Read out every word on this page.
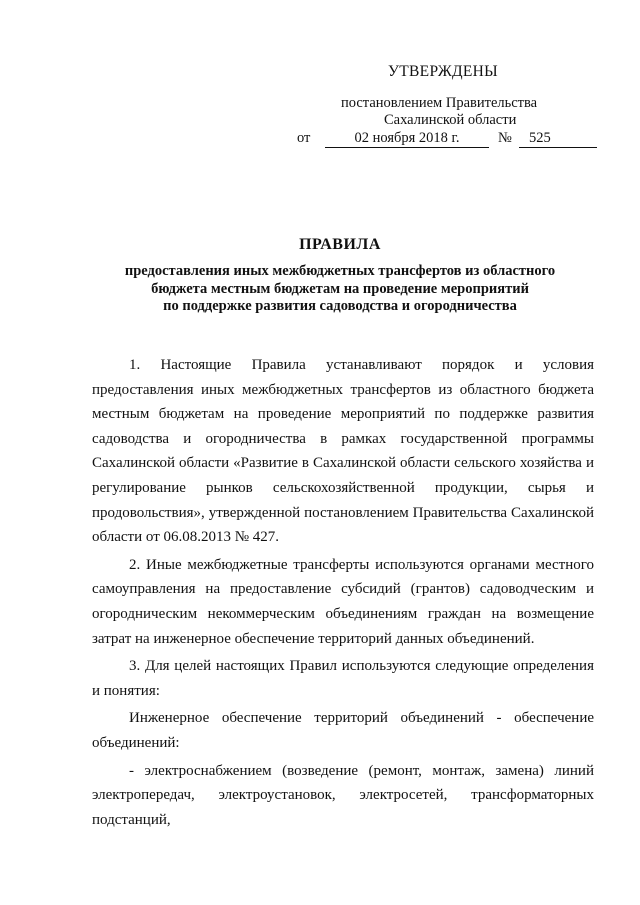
УТВЕРЖДЕНЫ
постановлением Правительства
Сахалинской области
от	02 ноября 2018 г.	№	525
ПРАВИЛА
предоставления иных межбюджетных трансфертов из областного
бюджета местным бюджетам на проведение мероприятий
по поддержке развития садоводства и огородничества

1. Настоящие Правила устанавливают порядок и условия предоставления иных межбюджетных трансфертов из областного бюджета местным бюджетам на проведение мероприятий по поддержке развития садоводства и огородничества в рамках государственной программы Сахалинской области «Развитие в Сахалинской области сельского хозяйства и регулирование рынков сельскохозяйственной продукции, сырья и продовольствия», утвержденной постановлением Правительства Сахалинской области от 06.08.2013 № 427.

2. Иные межбюджетные трансферты используются органами местного самоуправления на предоставление субсидий (грантов) садоводческим и огородническим некоммерческим объединениям граждан на возмещение затрат на инженерное обеспечение территорий данных объединений.

3. Для целей настоящих Правил используются следующие определения и понятия:

Инженерное обеспечение территорий объединений - обеспечение объединений:

- электроснабжением (возведение (ремонт, монтаж, замена) линий электропередач, электроустановок, электросетей, трансформаторных подстанций,
